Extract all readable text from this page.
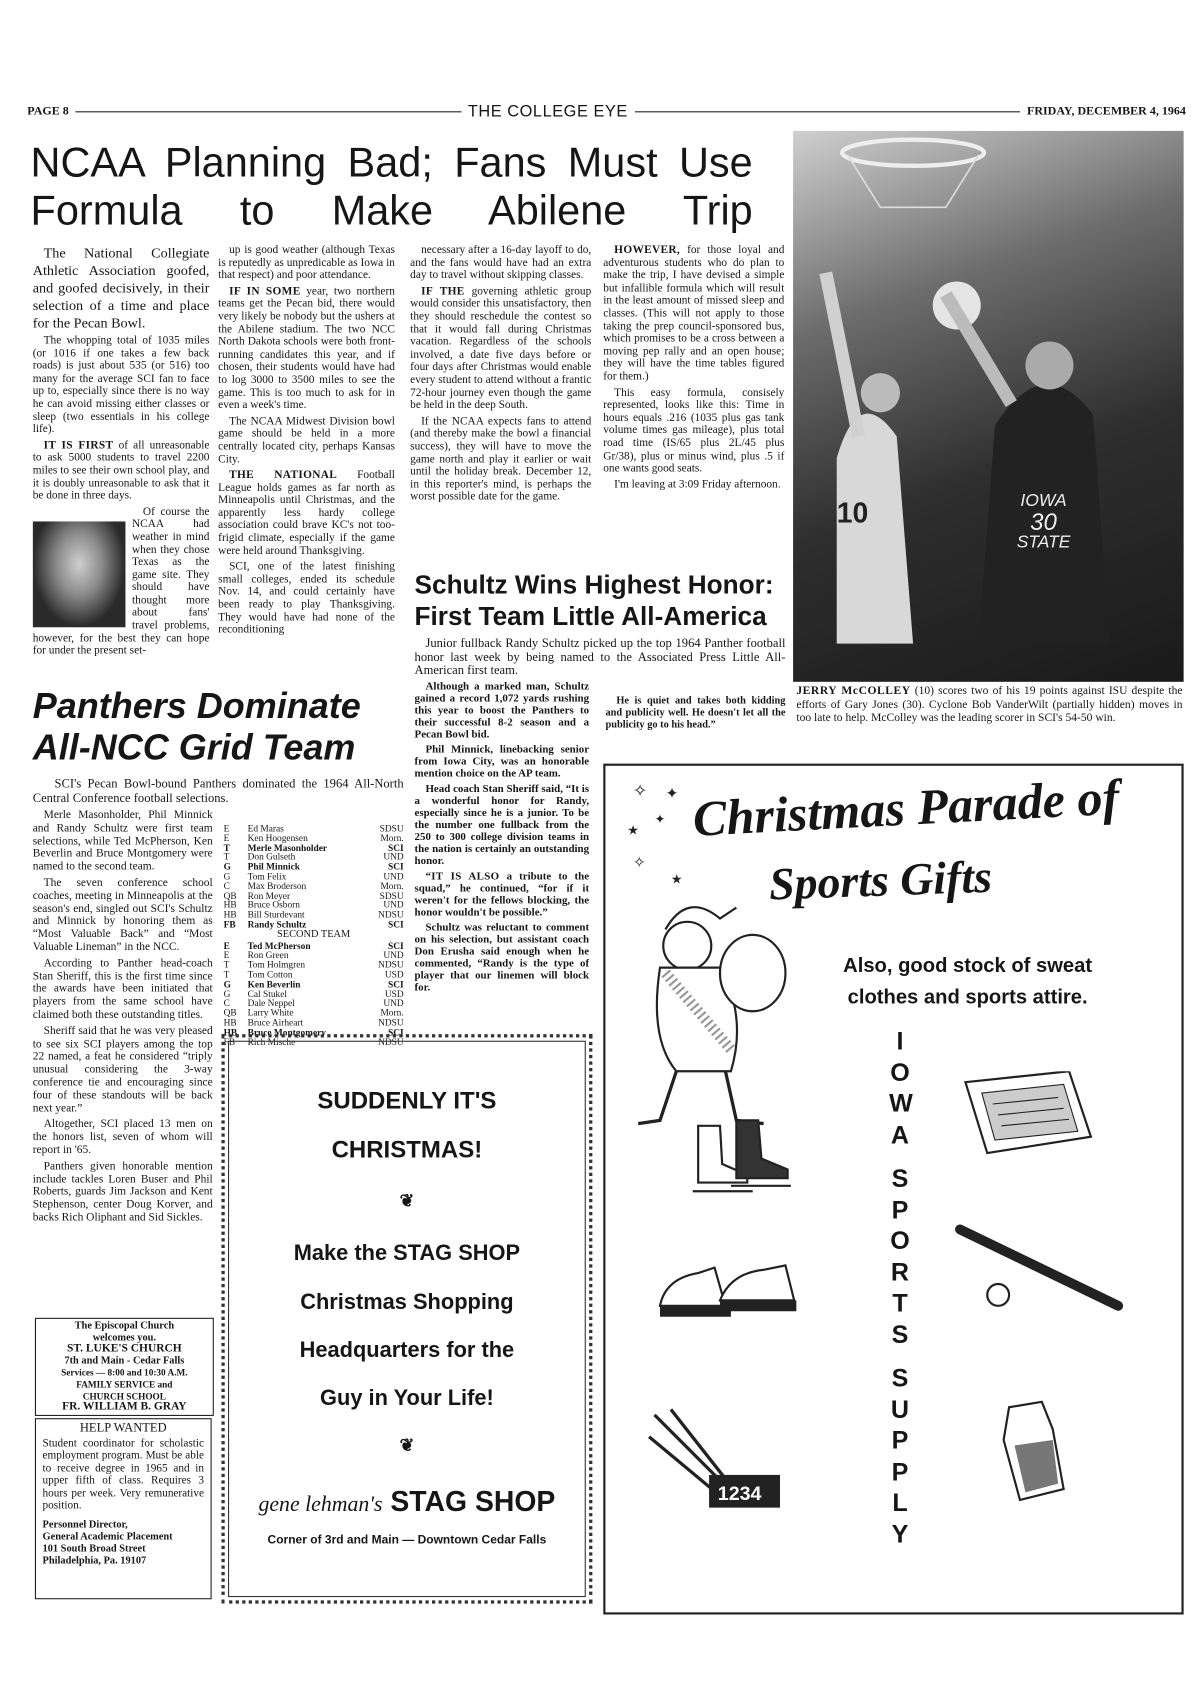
PAGE 8	THE COLLEGE EYE	FRIDAY, DECEMBER 4, 1964
NCAA Planning Bad; Fans Must Use
Formula to Make Abilene Trip

The National Collegiate Athletic Association goofed, and goofed decisively, in their selection of a time and place for the Pecan Bowl.

The whopping total of 1035 miles (or 1016 if one takes a few back roads) is just about 535 (or 516) too many for the average SCI fan to face up to, especially since there is no way he can avoid missing either classes or sleep (two essentials in his college life).

IT IS FIRST of all unreasonable to ask 5000 students to travel 2200 miles to see their own school play, and it is doubly unreasonable to ask that it be done in three days.

Of course the NCAA had weather in mind when they chose Texas as the game site. They should have thought more about fans' travel problems, however, for the best they can hope for under the present set-

up is good weather (although Texas is reputedly as unpredicable as Iowa in that respect) and poor attendance.

IF IN SOME year, two northern teams get the Pecan bid, there would very likely be nobody but the ushers at the Abilene stadium. The two NCC North Dakota schools were both front-running candidates this year, and if chosen, their students would have had to log 3000 to 3500 miles to see the game. This is too much to ask for in even a week's time.

The NCAA Midwest Division bowl game should be held in a more centrally located city, perhaps Kansas City.

THE NATIONAL Football League holds games as far north as Minneapolis until Christmas, and the apparently less hardy college association could brave KC's not too-frigid climate, especially if the game were held around Thanksgiving.

SCI, one of the latest finishing small colleges, ended its schedule Nov. 14, and could certainly have been ready to play Thanksgiving. They would have had none of the reconditioning

necessary after a 16-day layoff to do, and the fans would have had an extra day to travel without skipping classes.

IF THE governing athletic group would consider this unsatisfactory, then they should reschedule the contest so that it would fall during Christmas vacation. Regardless of the schools involved, a date five days before or four days after Christmas would enable every student to attend without a frantic 72-hour journey even though the game be held in the deep South.

If the NCAA expects fans to attend (and thereby make the bowl a financial success), they will have to move the game north and play it earlier or wait until the holiday break. December 12, in this reporter's mind, is perhaps the worst possible date for the game.

HOWEVER, for those loyal and adventurous students who do plan to make the trip, I have devised a simple but infallible formula which will result in the least amount of missed sleep and classes. (This will not apply to those taking the prep council-sponsored bus, which promises to be a cross between a moving pep rally and an open house; they will have the time tables figured for them.)

This easy formula, consisely represented, looks like this: Time in hours equals .216 (1035 plus gas tank volume times gas mileage), plus total road time (IS/65 plus 2L/45 plus Gr/38), plus or minus wind, plus .5 if one wants good seats.

I'm leaving at 3:09 Friday afternoon.

10	IOWA
30
STATE
JERRY McCOLLEY (10) scores two of his 19 points against ISU despite the efforts of Gary Jones (30). Cyclone Bob VanderWilt (partially hidden) moves in too late to help. McColley was the leading scorer in SCI's 54-50 win.
Schultz Wins Highest Honor:
First Team Little All-America

Junior fullback Randy Schultz picked up the top 1964 Panther football honor last week by being named to the Associated Press Little All-American first team.

Although a marked man, Schultz gained a record 1,072 yards rushing this year to boost the Panthers to their successful 8-2 season and a Pecan Bowl bid.

Phil Minnick, linebacking senior from Iowa City, was an honorable mention choice on the AP team.

Head coach Stan Sheriff said, “It is a wonderful honor for Randy, especially since he is a junior. To be the number one fullback from the 250 to 300 college division teams in the nation is certainly an outstanding honor.

“IT IS ALSO a tribute to the squad,” he continued, “for if it weren't for the fellows blocking, the honor wouldn't be possible.”

Schultz was reluctant to comment on his selection, but assistant coach Don Erusha said enough when he commented, “Randy is the type of player that our linemen will block for.

He is quiet and takes both kidding and publicity well. He doesn't let all the publicity go to his head.”

Panthers Dominate
All-NCC Grid Team
SCI's Pecan Bowl-bound Panthers dominated the 1964 All-North Central Conference football selections.

Merle Masonholder, Phil Minnick and Randy Schultz were first team selections, while Ted McPherson, Ken Beverlin and Bruce Montgomery were named to the second team.

The seven conference school coaches, meeting in Minneapolis at the season's end, singled out SCI's Schultz and Minnick by honoring them as “Most Valuable Back” and “Most Valuable Lineman” in the NCC.

According to Panther head-coach Stan Sheriff, this is the first time since the awards have been initiated that players from the same school have claimed both these outstanding titles.

Sheriff said that he was very pleased to see six SCI players among the top 22 named, a feat he considered “triply unusual considering the 3-way conference tie and encouraging since four of these standouts will be back next year.”

Altogether, SCI placed 13 men on the honors list, seven of whom will report in '65.

Panthers given honorable mention include tackles Loren Buser and Phil Roberts, guards Jim Jackson and Kent Stephenson, center Doug Korver, and backs Rich Oliphant and Sid Sickles.

E	Ed Maras	SDSU
E	Ken Hoogensen	Morn.
T	Merle Masonholder	SCI
T	Don Gulseth	UND
G	Phil Minnick	SCI
G	Tom Felix	UND
C	Max Broderson	Morn.
QB	Ron Meyer	SDSU
HB	Bruce Osborn	UND
HB	Bill Sturdevant	NDSU
FB	Randy Schultz	SCI
SECOND TEAM
E	Ted McPherson	SCI
E	Ron Green	UND
T	Tom Holmgren	NDSU
T	Tom Cotton	USD
G	Ken Beverlin	SCI
G	Cal Stukel	USD
C	Dale Neppel	UND
QB	Larry White	Morn.
HB	Bruce Airheart	NDSU
HB	Bruce Montgomery	SCI
FB	Rich Mische	NDSU
The Episcopal Church
welcomes you.
ST. LUKE'S CHURCH
7th and Main - Cedar Falls
Services — 8:00 and 10:30 A.M.
FAMILY SERVICE and
CHURCH SCHOOL
FR. WILLIAM B. GRAY
HELP WANTED
Student coordinator for scholastic employment program. Must be able to receive degree in 1965 and in upper fifth of class. Requires 3 hours per week. Very remunerative position.
Personnel Director,
General Academic Placement
101 South Broad Street
Philadelphia, Pa. 19107
SUDDENLY IT'S
CHRISTMAS!
❦
Make the STAG SHOP
Christmas Shopping
Headquarters for the
Guy in Your Life!
❦
gene lehman's STAG SHOP
Corner of 3rd and Main — Downtown Cedar Falls
✧ ✦
★
✦
✧
★
Christmas Parade of
Sports Gifts
Also, good stock of sweat clothes and sports attire.
IOWA
SPORTS
SUPPLY
1234
